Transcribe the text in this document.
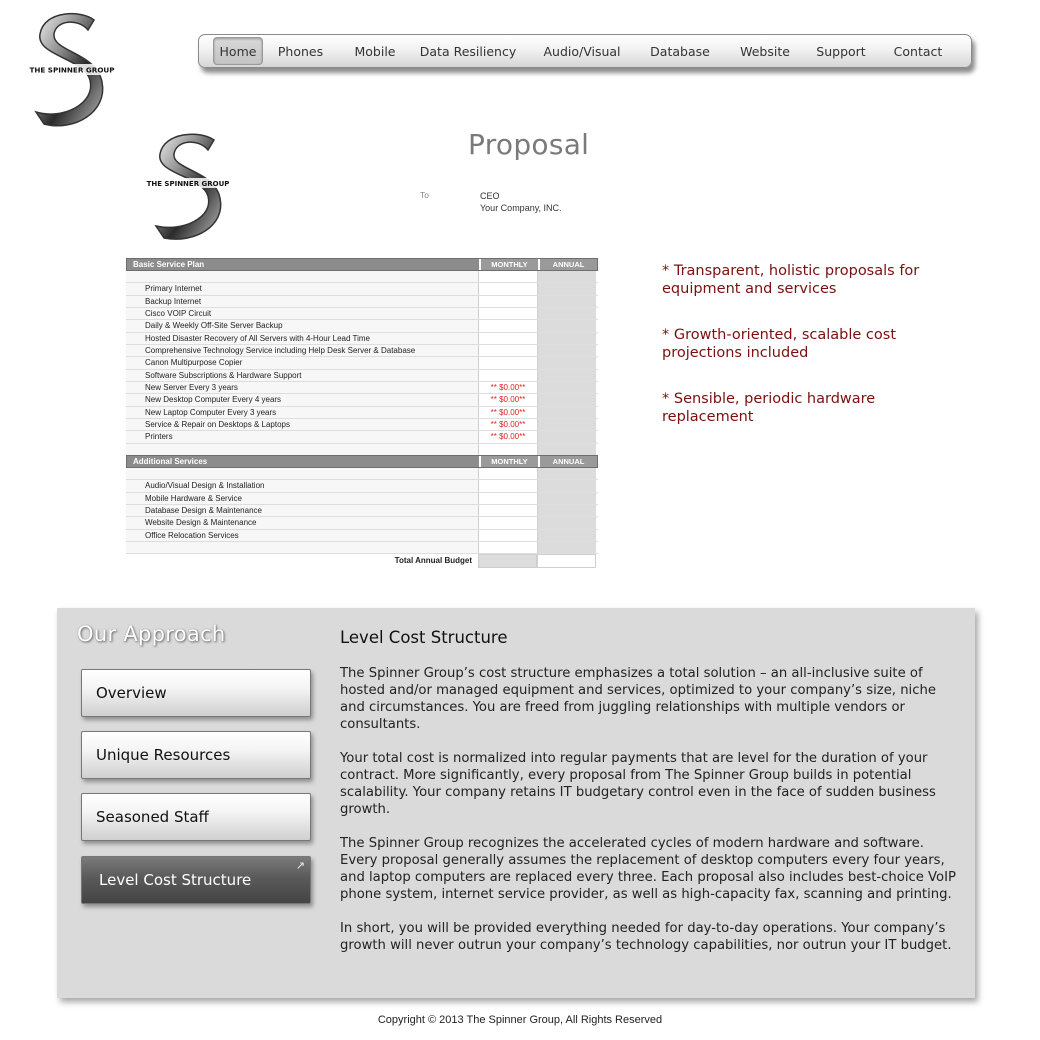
THE SPINNER GROUP
Home	Phones	Mobile	Data Resiliency	Audio/Visual	Database	Website	Support	Contact
THE SPINNER GROUP
Proposal
To	CEO
Your Company, INC.
Basic Service Plan	MONTHLY	ANNUAL
Primary Internet
Backup Internet
Cisco VOIP Circuit
Daily & Weekly Off-Site Server Backup
Hosted Disaster Recovery of All Servers with 4-Hour Lead Time
Comprehensive Technology Service including Help Desk Server & Database
Canon Multipurpose Copier
Software Subscriptions & Hardware Support
New Server Every 3 years	** $0.00**
New Desktop Computer Every 4 years	** $0.00**
New Laptop Computer Every 3 years	** $0.00**
Service & Repair on Desktops & Laptops	** $0.00**
Printers	** $0.00**
Additional Services	MONTHLY	ANNUAL
Audio/Visual Design & Installation
Mobile Hardware & Service
Database Design & Maintenance
Website Design & Maintenance
Office Relocation Services
Total Annual Budget
* Transparent, holistic proposals for equipment and services
* Growth-oriented, scalable cost projections included
* Sensible, periodic hardware replacement
Our Approach
Overview
Unique Resources
Seasoned Staff
Level Cost Structure
↗
Level Cost Structure

The Spinner Group’s cost structure emphasizes a total solution – an all-inclusive suite of hosted and/or managed equipment and services, optimized to your company’s size, niche and circumstances. You are freed from juggling relationships with multiple vendors or consultants.

Your total cost is normalized into regular payments that are level for the duration of your contract. More significantly, every proposal from The Spinner Group builds in potential scalability. Your company retains IT budgetary control even in the face of sudden business growth.

The Spinner Group recognizes the accelerated cycles of modern hardware and software. Every proposal generally assumes the replacement of desktop computers every four years, and laptop computers are replaced every three. Each proposal also includes best-choice VoIP phone system, internet service provider, as well as high-capacity fax, scanning and printing.

In short, you will be provided everything needed for day-to-day operations. Your company’s growth will never outrun your company’s technology capabilities, nor outrun your IT budget.

Copyright © 2013 The Spinner Group, All Rights Reserved
